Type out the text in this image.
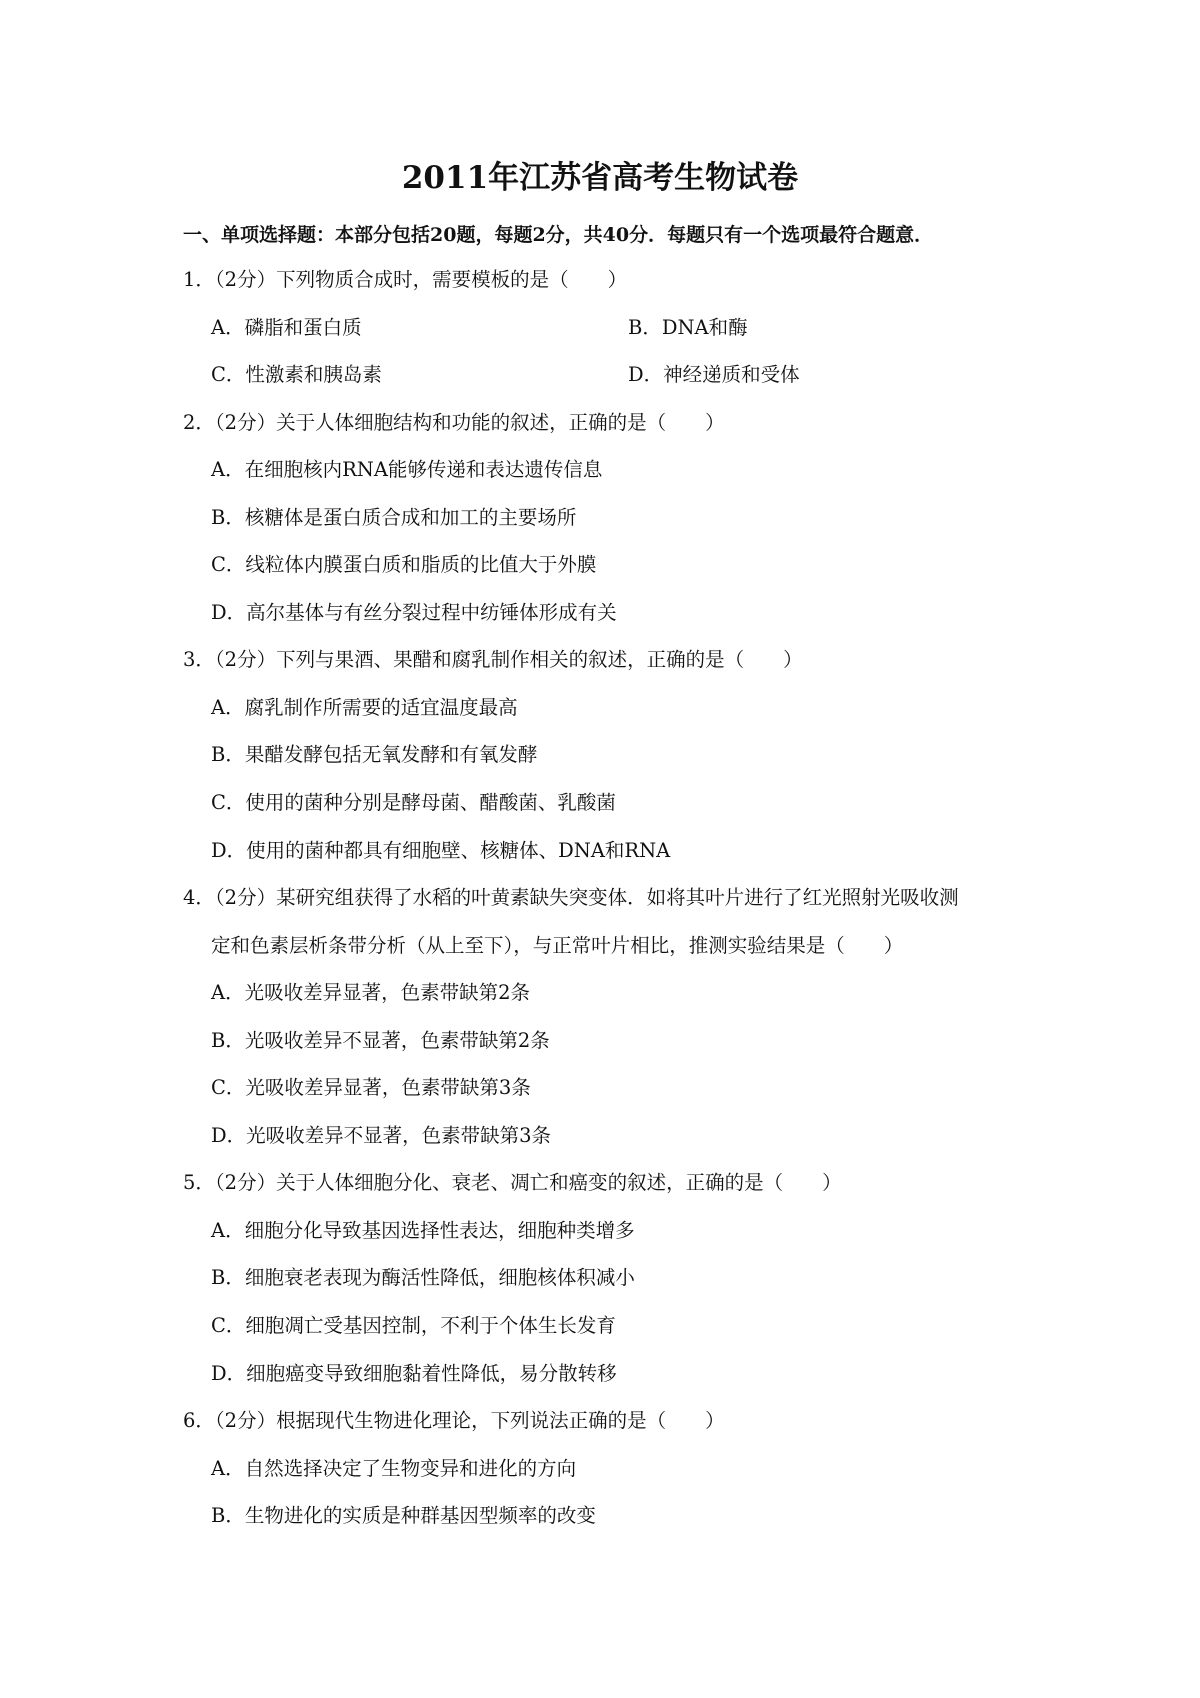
2011年江苏省高考生物试卷
一、单项选择题：本部分包括20题，每题2分，共40分．每题只有一个选项最符合题意．
1．（2分）下列物质合成时，需要模板的是（　　）
A．磷脂和蛋白质	B．DNA和酶
C．性激素和胰岛素	D．神经递质和受体
2．（2分）关于人体细胞结构和功能的叙述，正确的是（　　）
A．在细胞核内RNA能够传递和表达遗传信息
B．核糖体是蛋白质合成和加工的主要场所
C．线粒体内膜蛋白质和脂质的比值大于外膜
D．高尔基体与有丝分裂过程中纺锤体形成有关
3．（2分）下列与果酒、果醋和腐乳制作相关的叙述，正确的是（　　）
A．腐乳制作所需要的适宜温度最高
B．果醋发酵包括无氧发酵和有氧发酵
C．使用的菌种分别是酵母菌、醋酸菌、乳酸菌
D．使用的菌种都具有细胞壁、核糖体、DNA和RNA
4．（2分）某研究组获得了水稻的叶黄素缺失突变体．如将其叶片进行了红光照射光吸收测
定和色素层析条带分析（从上至下），与正常叶片相比，推测实验结果是（　　）
A．光吸收差异显著，色素带缺第2条
B．光吸收差异不显著，色素带缺第2条
C．光吸收差异显著，色素带缺第3条
D．光吸收差异不显著，色素带缺第3条
5．（2分）关于人体细胞分化、衰老、凋亡和癌变的叙述，正确的是（　　）
A．细胞分化导致基因选择性表达，细胞种类增多
B．细胞衰老表现为酶活性降低，细胞核体积减小
C．细胞凋亡受基因控制，不利于个体生长发育
D．细胞癌变导致细胞黏着性降低，易分散转移
6．（2分）根据现代生物进化理论，下列说法正确的是（　　）
A．自然选择决定了生物变异和进化的方向
B．生物进化的实质是种群基因型频率的改变
